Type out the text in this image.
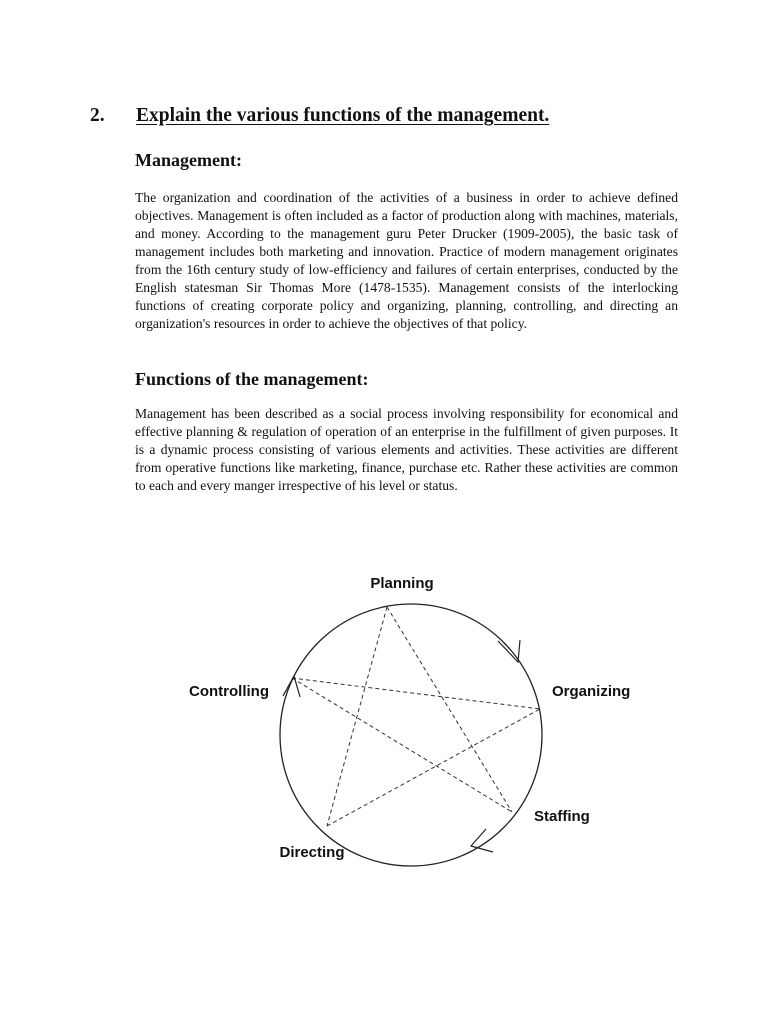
2. Explain the various functions of the management.
Management:

The organization and coordination of the activities of a business in order to achieve defined objectives. Management is often included as a factor of production along with machines, materials, and money. According to the management guru Peter Drucker (1909-2005), the basic task of management includes both marketing and innovation. Practice of modern management originates from the 16th century study of low-efficiency and failures of certain enterprises, conducted by the English statesman Sir Thomas More (1478-1535). Management consists of the interlocking functions of creating corporate policy and organizing, planning, controlling, and directing an organization's resources in order to achieve the objectives of that policy.

Functions of the management:

Management has been described as a social process involving responsibility for economical and effective planning & regulation of operation of an enterprise in the fulfillment of given purposes. It is a dynamic process consisting of various elements and activities. These activities are different from operative functions like marketing, finance, purchase etc. Rather these activities are common to each and every manger irrespective of his level or status.

Planning
Organizing
Staffing
Directing
Controlling
